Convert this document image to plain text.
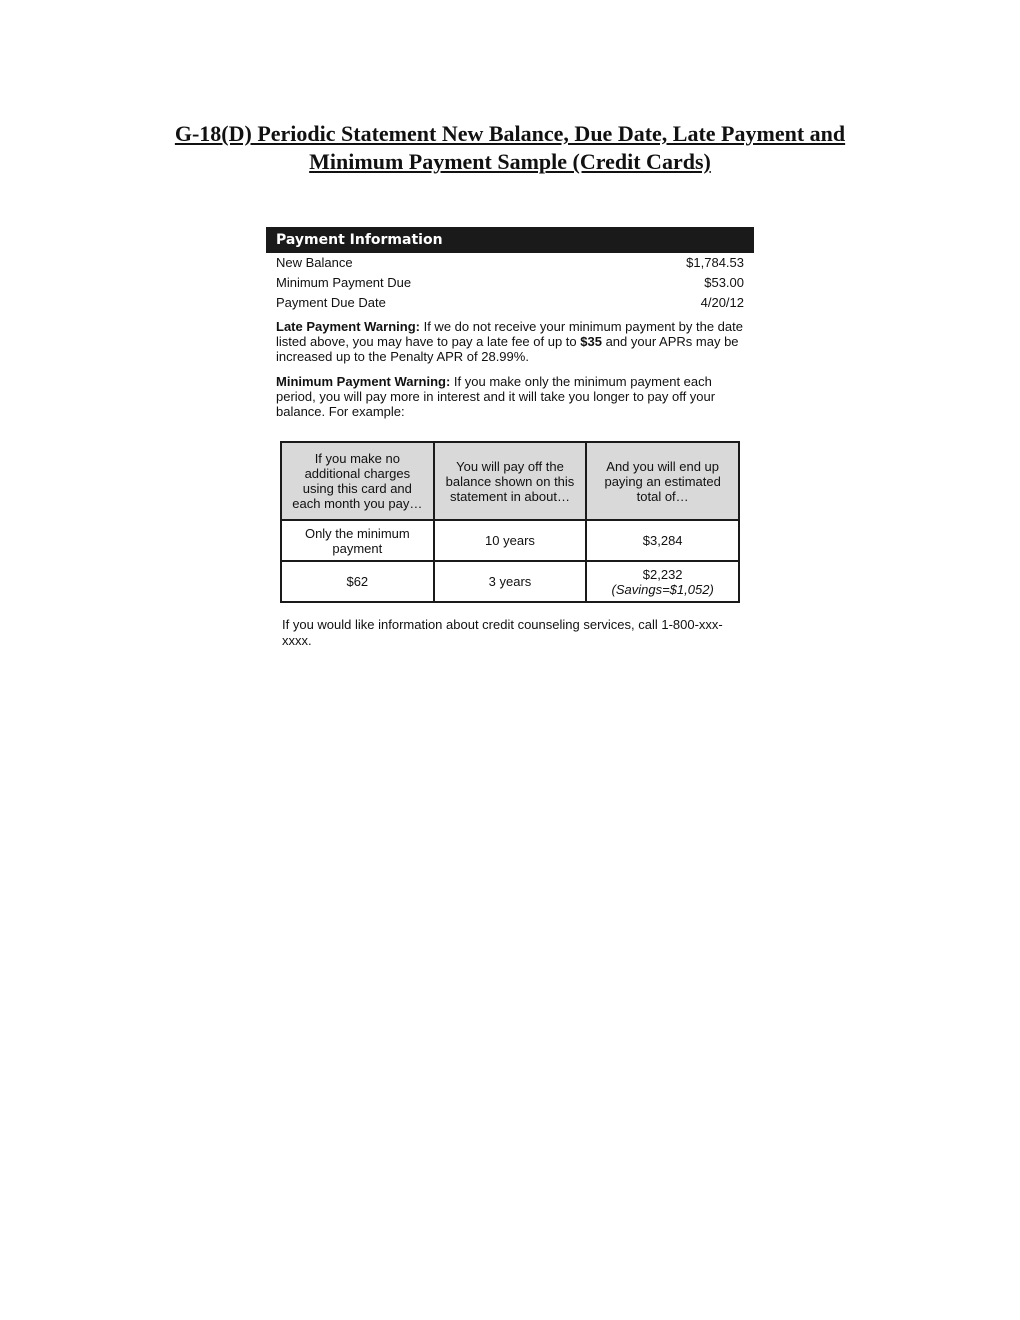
G-18(D) Periodic Statement New Balance, Due Date, Late Payment and
Minimum Payment Sample (Credit Cards)
Payment Information
New Balance	$1,784.53
Minimum Payment Due	$53.00
Payment Due Date	4/20/12

Late Payment Warning: If we do not receive your minimum payment by the date listed above, you may have to pay a late fee of up to $35 and your APRs may be increased up to the Penalty APR of 28.99%.

Minimum Payment Warning: If you make only the minimum payment each period, you will pay more in interest and it will take you longer to pay off your balance. For example:

If you make no additional charges using this card and each month you pay…	You will pay off the balance shown on this statement in about…	And you will end up paying an estimated total of…
Only the minimum payment	10 years	$3,284
$62	3 years	$2,232
(Savings=$1,052)

If you would like information about credit counseling services, call 1-800-xxx-xxxx.
